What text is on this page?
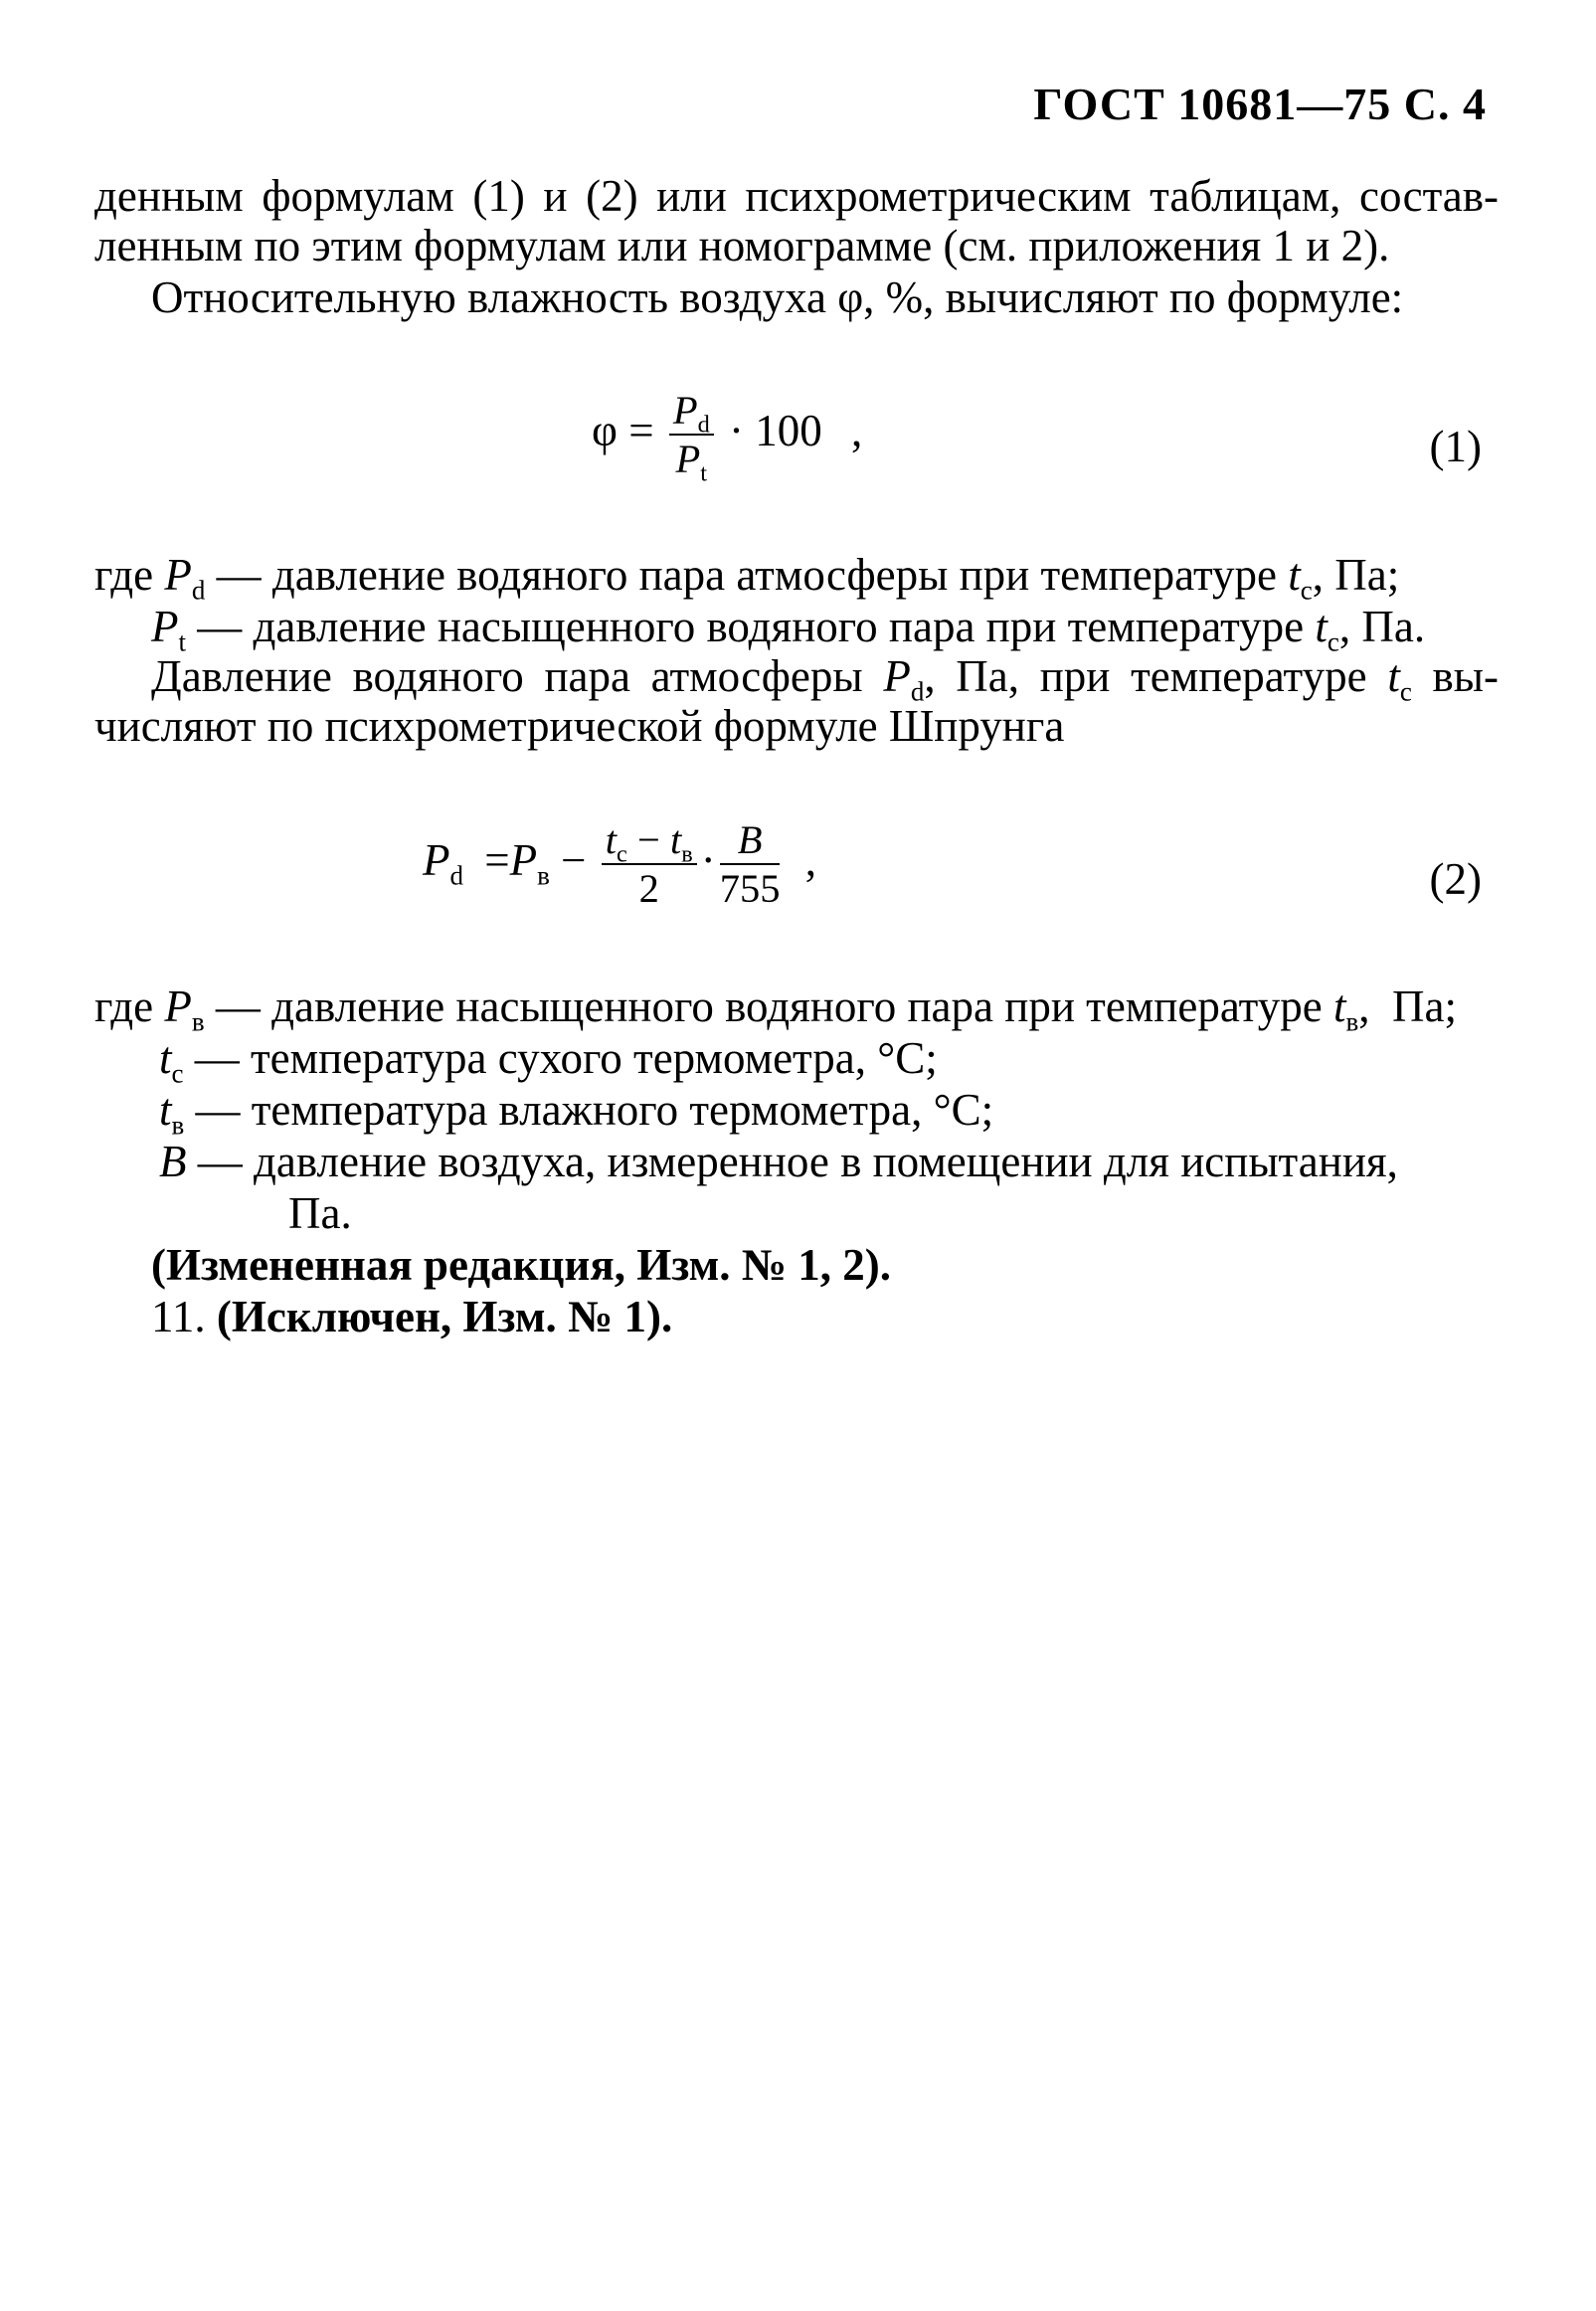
ГОСТ 10681—75 С. 4
денным формулам (1) и (2) или психрометрическим таблицам, состав-
ленным по этим формулам или номограмме (см. приложения 1 и 2).
Относительную влажность воздуха φ, %, вычисляют по формуле:
$\varphi = \frac{P_d}{P_t} \cdot 100$ ,	(1)
где $P_d$ — давление водяного пара атмосферы при температуре $t_c$, Па;
$P_t$ — давление насыщенного водяного пара при температуре $t_c$, Па.
Давление водяного пара атмосферы $P_d$, Па, при температуре $t_c$ вы-
числяют по психрометрической формуле Шпрунга
$P_d =P_в - \frac{t_c - t_в}{2} \cdot \frac{B}{755}$ ,	(2)
где $P_в$ — давление насыщенного водяного пара при температуре $t_в$,  Па;
$t_c$ — температура сухого термометра, °С;
$t_в$ — температура влажного термометра, °С;
B — давление воздуха, измеренное в помещении для испытания,
Па.
(Измененная редакция, Изм. № 1, 2).
11. (Исключен, Изм. № 1).
